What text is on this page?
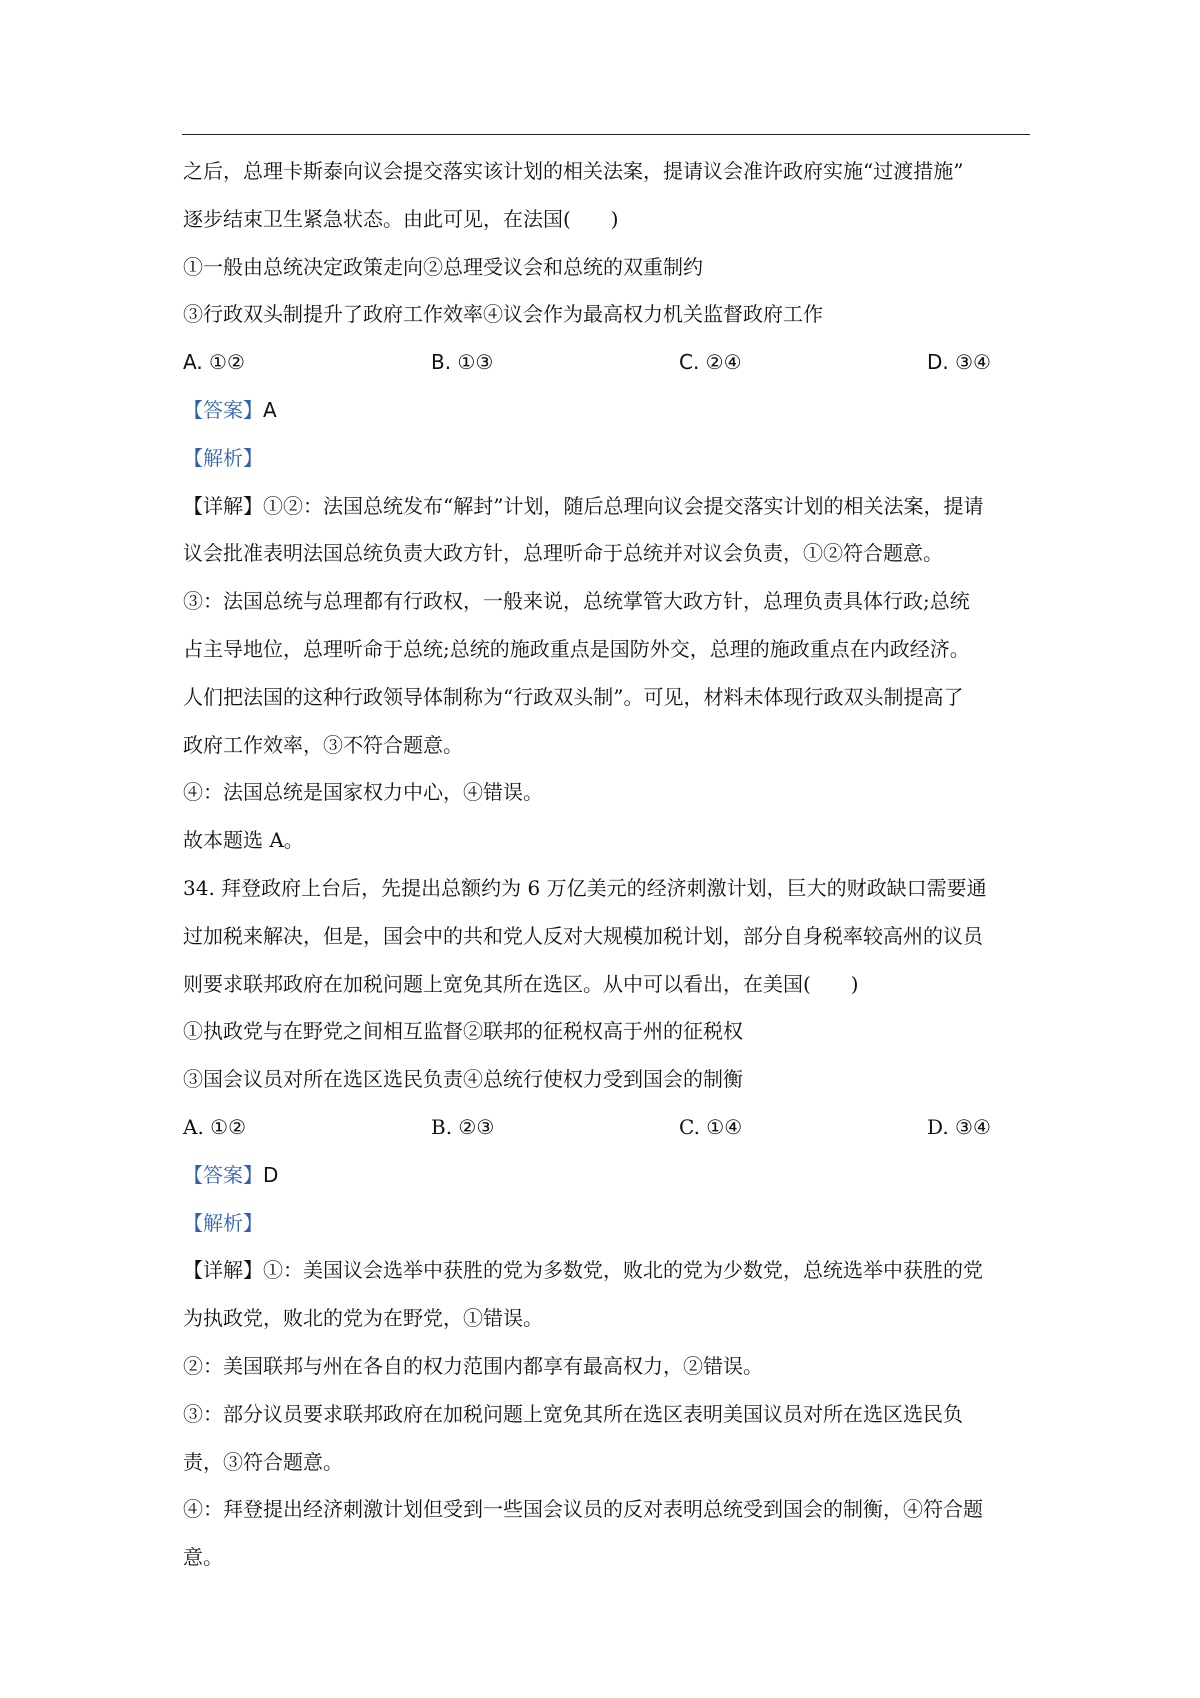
之后，总理卡斯泰向议会提交落实该计划的相关法案，提请议会准许政府实施“过渡措施”
逐步结束卫生紧急状态。由此可见，在法国(　　)
①一般由总统决定政策走向②总理受议会和总统的双重制约
③行政双头制提升了政府工作效率④议会作为最高权力机关监督政府工作
A. ①②	B. ①③	C. ②④	D. ③④
【答案】A
【解析】
【详解】①②：法国总统发布“解封”计划，随后总理向议会提交落实计划的相关法案，提请
议会批准表明法国总统负责大政方针，总理听命于总统并对议会负责，①②符合题意。
③：法国总统与总理都有行政权，一般来说，总统掌管大政方针，总理负责具体行政;总统
占主导地位，总理听命于总统;总统的施政重点是国防外交，总理的施政重点在内政经济。
人们把法国的这种行政领导体制称为“行政双头制”。可见，材料未体现行政双头制提高了
政府工作效率，③不符合题意。
④：法国总统是国家权力中心，④错误。
故本题选 A。
34. 拜登政府上台后，先提出总额约为 6 万亿美元的经济刺激计划，巨大的财政缺口需要通
过加税来解决，但是，国会中的共和党人反对大规模加税计划，部分自身税率较高州的议员
则要求联邦政府在加税问题上宽免其所在选区。从中可以看出，在美国(　　)
①执政党与在野党之间相互监督②联邦的征税权高于州的征税权
③国会议员对所在选区选民负责④总统行使权力受到国会的制衡
A. ①②	B. ②③	C. ①④	D. ③④
【答案】D
【解析】
【详解】①：美国议会选举中获胜的党为多数党，败北的党为少数党，总统选举中获胜的党
为执政党，败北的党为在野党，①错误。
②：美国联邦与州在各自的权力范围内都享有最高权力，②错误。
③：部分议员要求联邦政府在加税问题上宽免其所在选区表明美国议员对所在选区选民负
责，③符合题意。
④：拜登提出经济刺激计划但受到一些国会议员的反对表明总统受到国会的制衡，④符合题
意。
